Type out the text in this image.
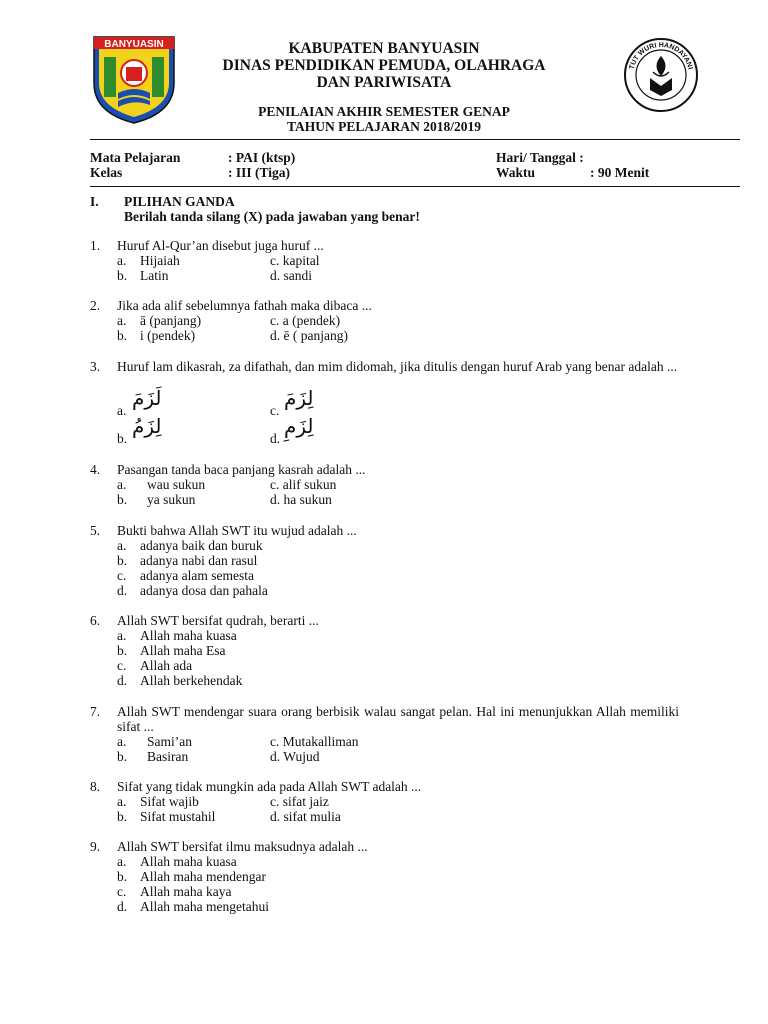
BANYUASIN
TUT WURI HANDAYANI
KABUPATEN BANYUASIN
DINAS PENDIDIKAN PEMUDA, OLAHRAGA
DAN PARIWISATA
PENILAIAN AKHIR SEMESTER GENAP
TAHUN PELAJARAN 2018/2019
Mata Pelajaran	: PAI (ktsp)	Hari/ Tanggal :
Kelas	: III (Tiga)	Waktu	: 90 Menit
I. PILIHAN GANDA
Berilah tanda silang (X) pada jawaban yang benar!
1. Huruf Al-Qur’an disebut juga huruf ...
a. Hijaiah	c. kapital
b. Latin	d. sandi
2. Jika ada alif sebelumnya fathah maka dibaca ...
a. ā (panjang)	c. a (pendek)
b. i (pendek)	d. ē ( panjang)
3. Huruf lam dikasrah, za difathah, dan mim didomah, jika ditulis dengan huruf Arab yang benar adalah ...
a.
لَزَمَ
c.
لِزَمَ
b.
لِزَمُ
d.
لِزَمِ
4. Pasangan tanda baca panjang kasrah adalah ...
a. wau sukun	c. alif sukun
b. ya sukun	d. ha sukun
5. Bukti bahwa Allah SWT itu wujud adalah ...
a. adanya baik dan buruk
b. adanya nabi dan rasul
c. adanya alam semesta
d. adanya dosa dan pahala
6. Allah SWT bersifat qudrah, berarti ...
a. Allah maha kuasa
b. Allah maha Esa
c. Allah ada
d. Allah berkehendak
7. Allah SWT mendengar suara orang berbisik walau sangat pelan. Hal ini menunjukkan Allah memiliki sifat ...
a. Sami’an	c. Mutakalliman
b. Basiran	d. Wujud
8. Sifat yang tidak mungkin ada pada Allah SWT adalah ...
a. Sifat wajib	c. sifat jaiz
b. Sifat mustahil	d. sifat mulia
9. Allah SWT bersifat ilmu maksudnya adalah ...
a. Allah maha kuasa
b. Allah maha mendengar
c. Allah maha kaya
d. Allah maha mengetahui
